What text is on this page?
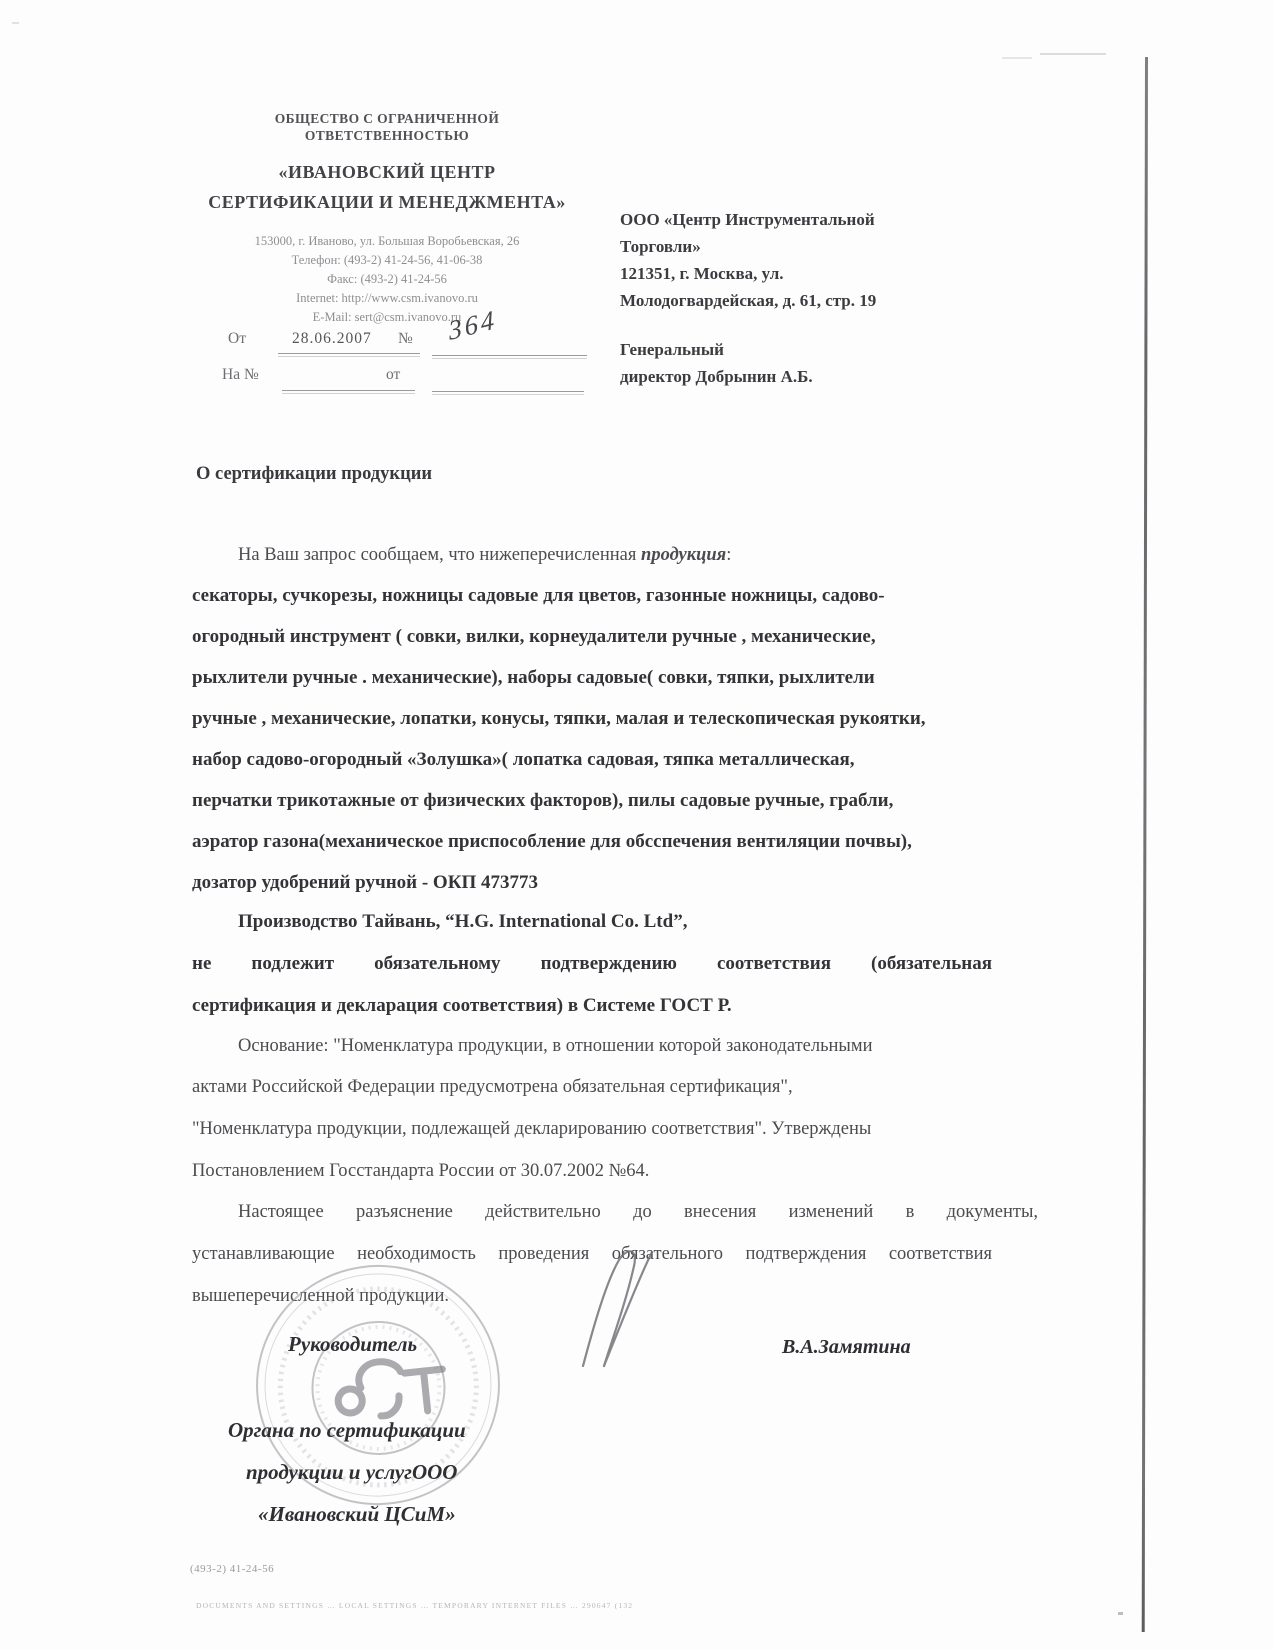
ОБЩЕСТВО С ОГРАНИЧЕННОЙ
ОТВЕТСТВЕННОСТЬЮ
«ИВАНОВСКИЙ ЦЕНТР
СЕРТИФИКАЦИИ И МЕНЕДЖМЕНТА»
153000, г. Иваново, ул. Большая Воробьевская, 26
Телефон: (493-2) 41-24-56, 41-06-38
Факс: (493-2) 41-24-56
Internet: http://www.csm.ivanovo.ru
E-Mail: sert@csm.ivanovo.ru
От	28.06.2007 № 364
На №	от
ООО «Центр Инструментальной
Торговли»
121351, г. Москва, ул.
Молодогвардейская, д. 61, стр. 19
Генеральный
директор Добрынин А.Б.
О сертификации продукции
На Ваш запрос сообщаем, что нижеперечисленная продукция:
секаторы, сучкорезы, ножницы садовые для цветов, газонные ножницы, садово-
огородный инструмент ( совки, вилки, корнеудалители ручные , механические,
рыхлители ручные . механические), наборы садовые( совки, тяпки, рыхлители
ручные , механические, лопатки, конусы, тяпки, малая и телескопическая рукоятки,
набор садово-огородный «Золушка»( лопатка садовая, тяпка металлическая,
перчатки трикотажные от физических факторов), пилы садовые ручные, грабли,
аэратор газона(механическое приспособление для обсспечения вентиляции почвы),
дозатор удобрений ручной - ОКП 473773
Производство Тайвань, “H.G. International Co. Ltd”,
не подлежит обязательному подтверждению соответствия (обязательная
сертификация и декларация соответствия) в Системе ГОСТ Р.
Основание: "Номенклатура продукции, в отношении которой законодательными
актами Российской Федерации предусмотрена обязательная сертификация",
"Номенклатура продукции, подлежащей декларированию соответствия". Утверждены
Постановлением Госстандарта России от 30.07.2002 №64.
Настоящее разъяснение действительно до внесения изменений в документы,
устанавливающие необходимость проведения обязательного подтверждения соответствия
вышеперечисленной продукции.
Руководитель
Органа по сертификации
продукции и услугООО
«Ивановский ЦСиМ»
В.А.Замятина
(493-2) 41-24-56
DOCUMENTS AND SETTINGS … LOCAL SETTINGS … TEMPORARY INTERNET FILES … 290647 (132
